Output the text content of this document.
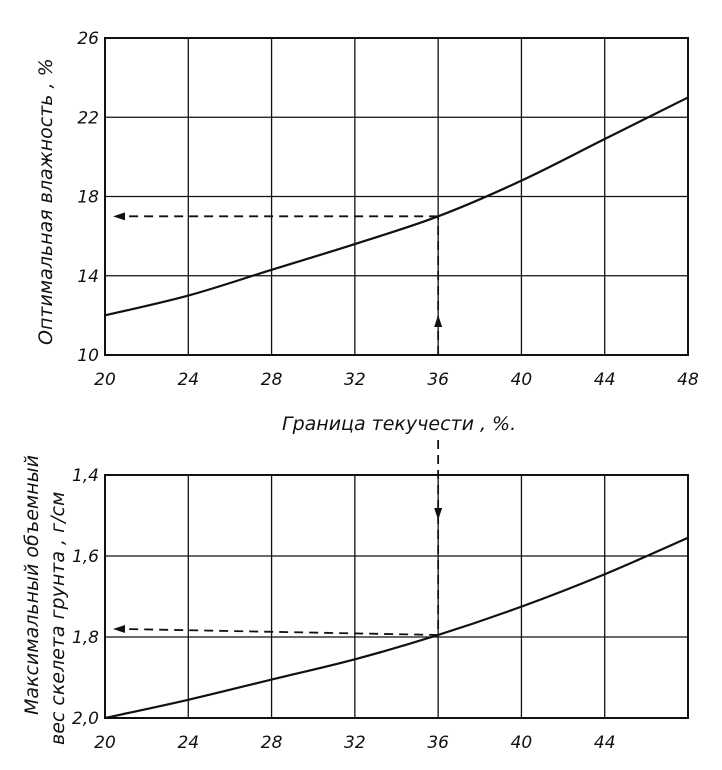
20	24	28	32	36	40	44	48
10
14
18
22
26
20	24	28	32	36	40	44
1,4
1,6
1,8
2,0
Граница текучести , %.
Оптимальная влажность , %
Максимальный объемный вес скелета грунта , г/см
